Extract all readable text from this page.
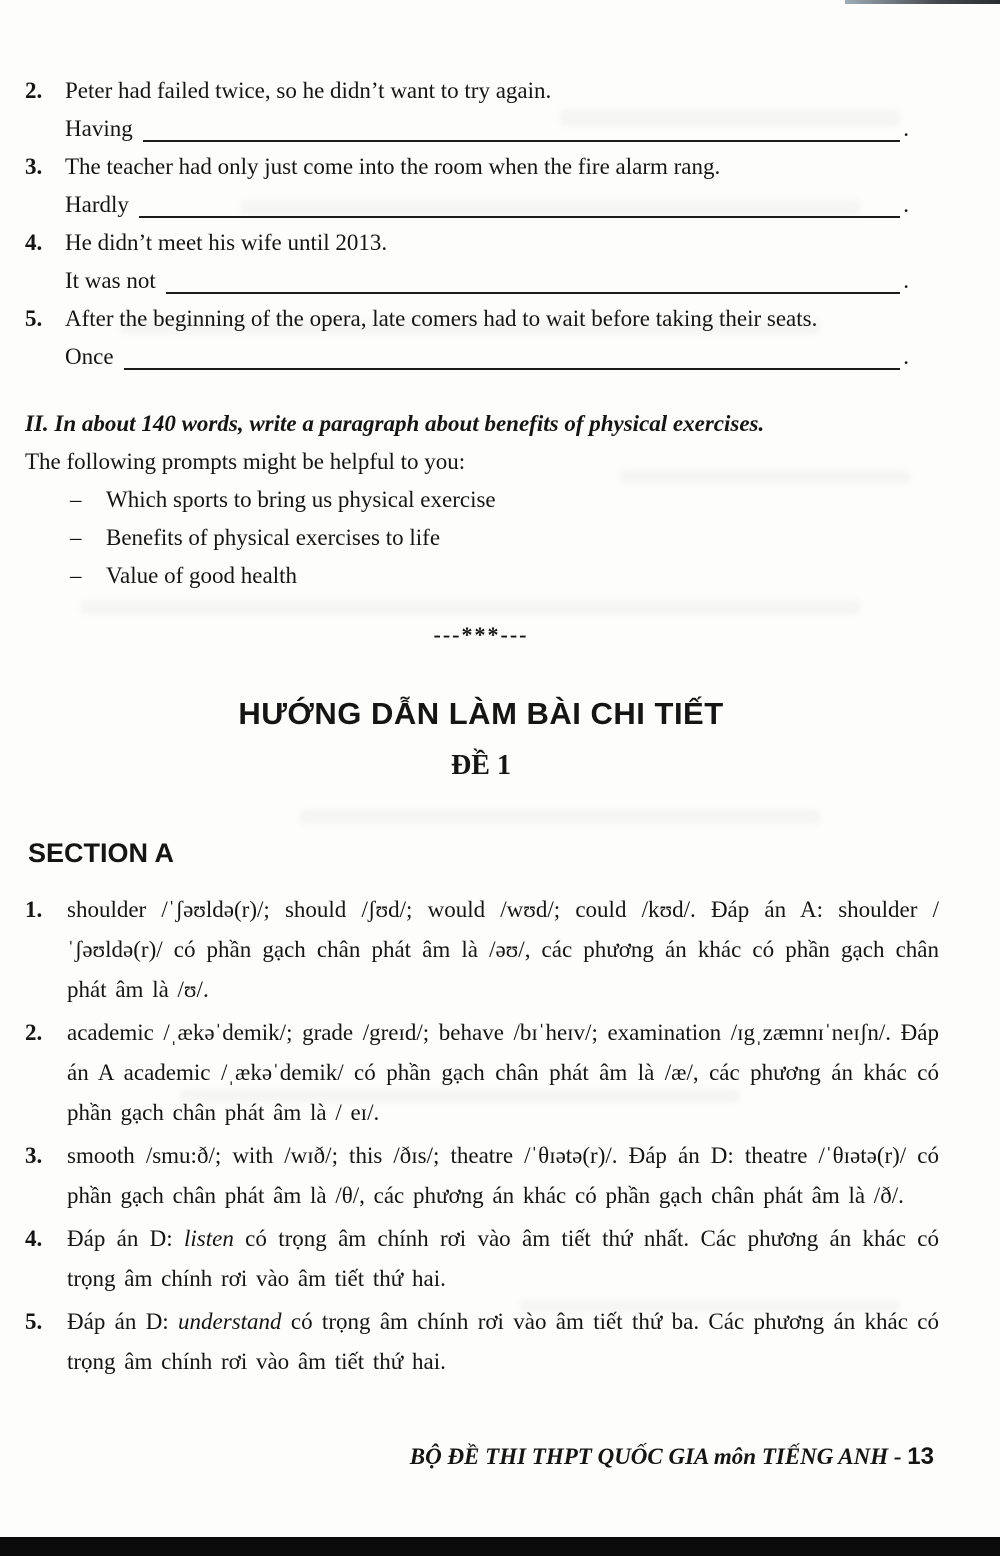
2. Peter had failed twice, so he didn’t want to try again.
Having	.
3. The teacher had only just come into the room when the fire alarm rang.
Hardly	.
4. He didn’t meet his wife until 2013.
It was not	.
5. After the beginning of the opera, late comers had to wait before taking their seats.
Once	.

II. In about 140 words, write a paragraph about benefits of physical exercises.

The following prompts might be helpful to you:

–	Which sports to bring us physical exercise
–	Benefits of physical exercises to life
–	Value of good health
---***---
HƯỚNG DẪN LÀM BÀI CHI TIẾT
ĐỀ 1
SECTION A
1.	shoulder /ˈʃəʊldə(r)/; should /ʃʊd/; would /wʊd/; could /kʊd/. Đáp án A: shoulder /ˈʃəʊldə(r)/ có phần gạch chân phát âm là /əʊ/, các phương án khác có phần gạch chân phát âm là /ʊ/.
2.	academic /ˌækəˈdemik/; grade /greɪd/; behave /bɪˈheɪv/; examination /ɪgˌzæmnɪˈneɪʃn/. Đáp án A academic /ˌækəˈdemik/ có phần gạch chân phát âm là /æ/, các phương án khác có phần gạch chân phát âm là / eɪ/.
3.	smooth /smu:ð/; with /wɪð/; this /ðɪs/; theatre /ˈθɪətə(r)/. Đáp án D: theatre /ˈθɪətə(r)/ có phần gạch chân phát âm là /θ/, các phương án khác có phần gạch chân phát âm là /ð/.
4.	Đáp án D: listen có trọng âm chính rơi vào âm tiết thứ nhất. Các phương án khác có trọng âm chính rơi vào âm tiết thứ hai.
5.	Đáp án D: understand có trọng âm chính rơi vào âm tiết thứ ba. Các phương án khác có trọng âm chính rơi vào âm tiết thứ hai.
BỘ ĐỀ THI THPT QUỐC GIA môn TIẾNG ANH - 13
